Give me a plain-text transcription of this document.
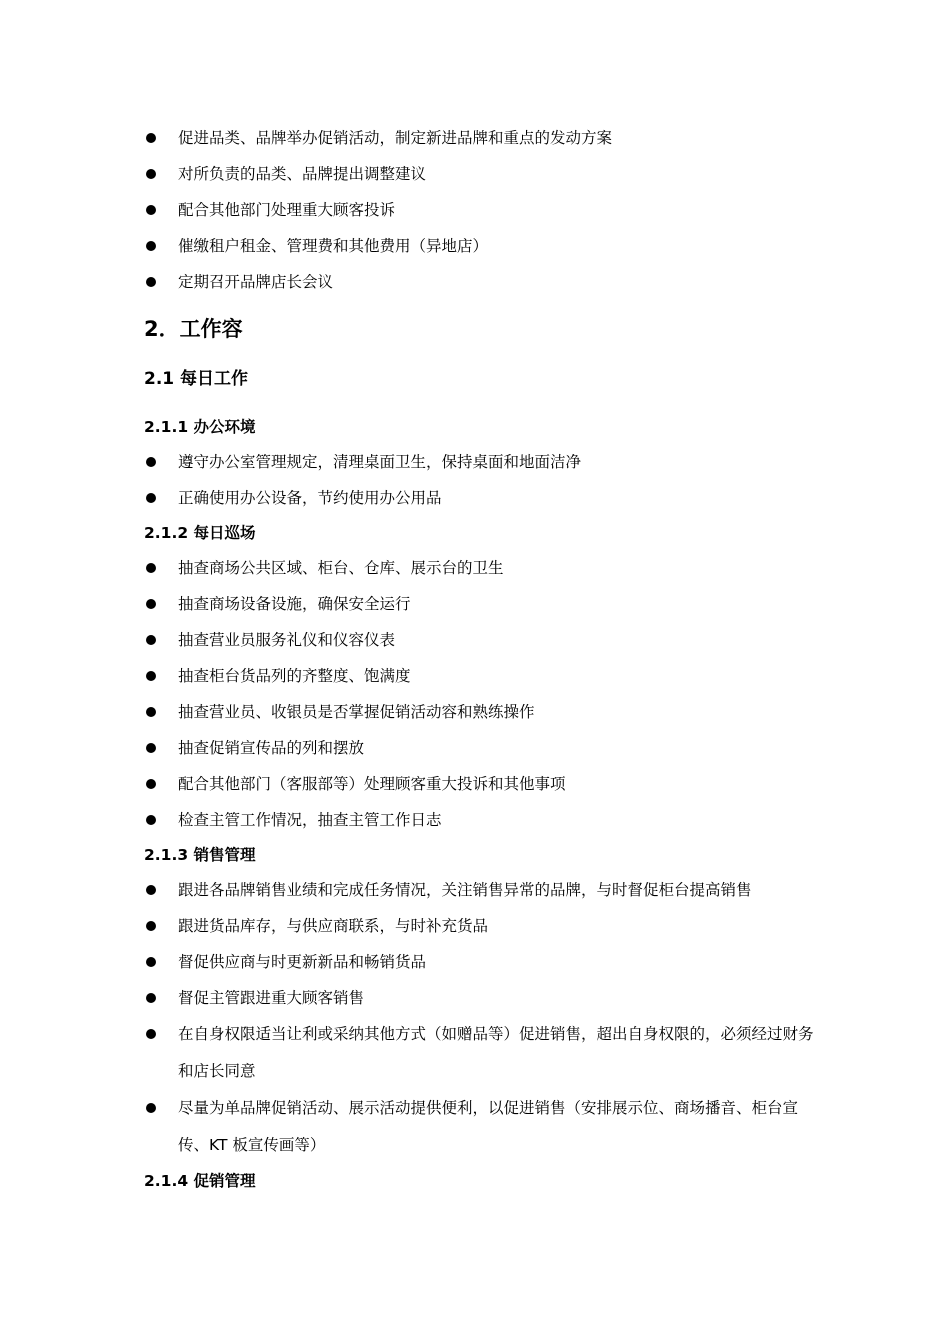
促进品类、品牌举办促销活动，制定新进品牌和重点的发动方案
对所负责的品类、品牌提出调整建议
配合其他部门处理重大顾客投诉
催缴租户租金、管理费和其他费用（异地店）
定期召开品牌店长会议
2．工作容
2.1 每日工作
2.1.1 办公环境
遵守办公室管理规定，清理桌面卫生，保持桌面和地面洁净
正确使用办公设备，节约使用办公用品
2.1.2 每日巡场
抽查商场公共区域、柜台、仓库、展示台的卫生
抽查商场设备设施，确保安全运行
抽查营业员服务礼仪和仪容仪表
抽查柜台货品列的齐整度、饱满度
抽查营业员、收银员是否掌握促销活动容和熟练操作
抽查促销宣传品的列和摆放
配合其他部门（客服部等）处理顾客重大投诉和其他事项
检查主管工作情况，抽查主管工作日志
2.1.3 销售管理
跟进各品牌销售业绩和完成任务情况，关注销售异常的品牌，与时督促柜台提高销售
跟进货品库存，与供应商联系，与时补充货品
督促供应商与时更新新品和畅销货品
督促主管跟进重大顾客销售
在自身权限适当让利或采纳其他方式（如赠品等）促进销售，超出自身权限的，必须经过财务和店长同意
尽量为单品牌促销活动、展示活动提供便利，以促进销售（安排展示位、商场播音、柜台宣传、KT 板宣传画等）
2.1.4 促销管理
